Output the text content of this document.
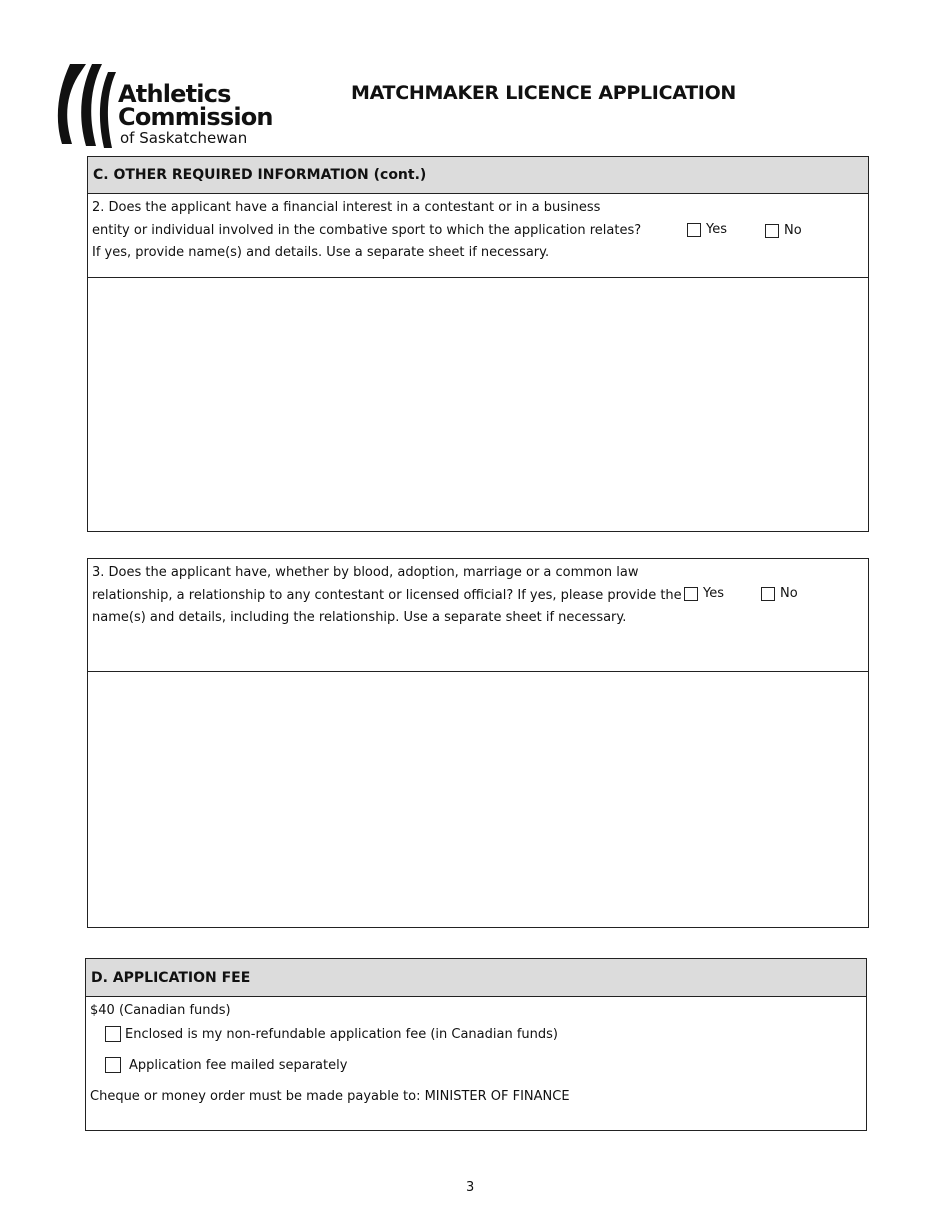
Athletics
Commission
of Saskatchewan
MATCHMAKER LICENCE APPLICATION
C. OTHER REQUIRED INFORMATION (cont.)
2. Does the applicant have a financial interest in a contestant or in a business
entity or individual involved in the combative sport to which the application relates?
If yes, provide name(s) and details. Use a separate sheet if necessary.
Yes	No
3. Does the applicant have, whether by blood, adoption, marriage or a common law
relationship, a relationship to any contestant or licensed official? If yes, please provide the
name(s) and details, including the relationship. Use a separate sheet if necessary.
Yes	No
D. APPLICATION FEE
$40 (Canadian funds)
Enclosed is my non-refundable application fee (in Canadian funds)
Application fee mailed separately
Cheque or money order must be made payable to: MINISTER OF FINANCE
3
